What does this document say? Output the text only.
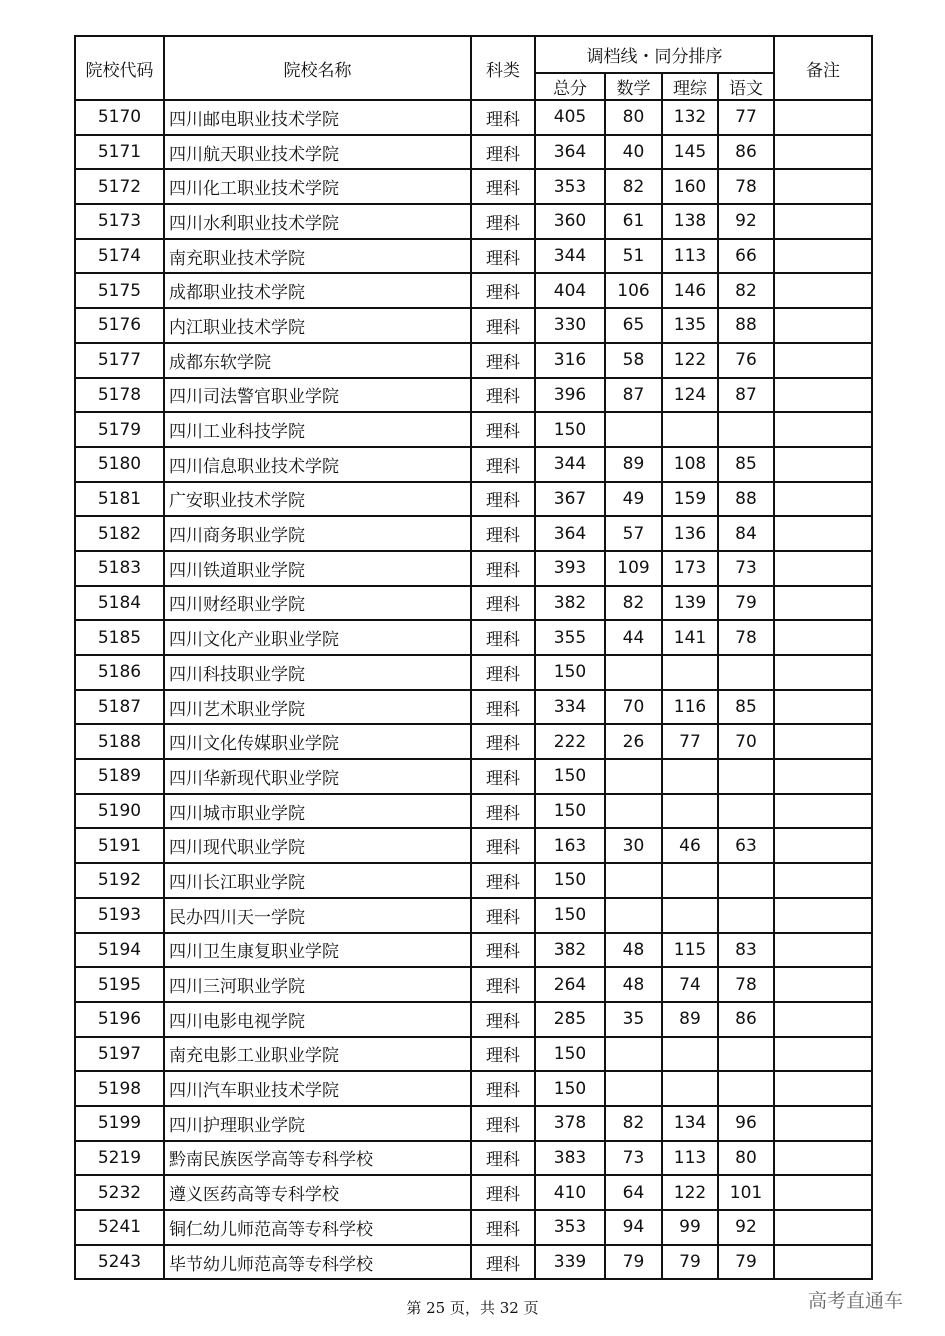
院校代码	院校名称	科类	调档线・同分排序				备注
			总分	数学	理综	语文	
5170	四川邮电职业技术学院	理科	405	80	132	77	
5171	四川航天职业技术学院	理科	364	40	145	86	
5172	四川化工职业技术学院	理科	353	82	160	78	
5173	四川水利职业技术学院	理科	360	61	138	92	
5174	南充职业技术学院	理科	344	51	113	66	
5175	成都职业技术学院	理科	404	106	146	82	
5176	内江职业技术学院	理科	330	65	135	88	
5177	成都东软学院	理科	316	58	122	76	
5178	四川司法警官职业学院	理科	396	87	124	87	
5179	四川工业科技学院	理科	150				
5180	四川信息职业技术学院	理科	344	89	108	85	
5181	广安职业技术学院	理科	367	49	159	88	
5182	四川商务职业学院	理科	364	57	136	84	
5183	四川铁道职业学院	理科	393	109	173	73	
5184	四川财经职业学院	理科	382	82	139	79	
5185	四川文化产业职业学院	理科	355	44	141	78	
5186	四川科技职业学院	理科	150				
5187	四川艺术职业学院	理科	334	70	116	85	
5188	四川文化传媒职业学院	理科	222	26	77	70	
5189	四川华新现代职业学院	理科	150				
5190	四川城市职业学院	理科	150				
5191	四川现代职业学院	理科	163	30	46	63	
5192	四川长江职业学院	理科	150				
5193	民办四川天一学院	理科	150				
5194	四川卫生康复职业学院	理科	382	48	115	83	
5195	四川三河职业学院	理科	264	48	74	78	
5196	四川电影电视学院	理科	285	35	89	86	
5197	南充电影工业职业学院	理科	150				
5198	四川汽车职业技术学院	理科	150				
5199	四川护理职业学院	理科	378	82	134	96	
5219	黔南民族医学高等专科学校	理科	383	73	113	80	
5232	遵义医药高等专科学校	理科	410	64	122	101	
5241	铜仁幼儿师范高等专科学校	理科	353	94	99	92	
5243	毕节幼儿师范高等专科学校	理科	339	79	79	79	
第 25 页，共 32 页	高考直通车
